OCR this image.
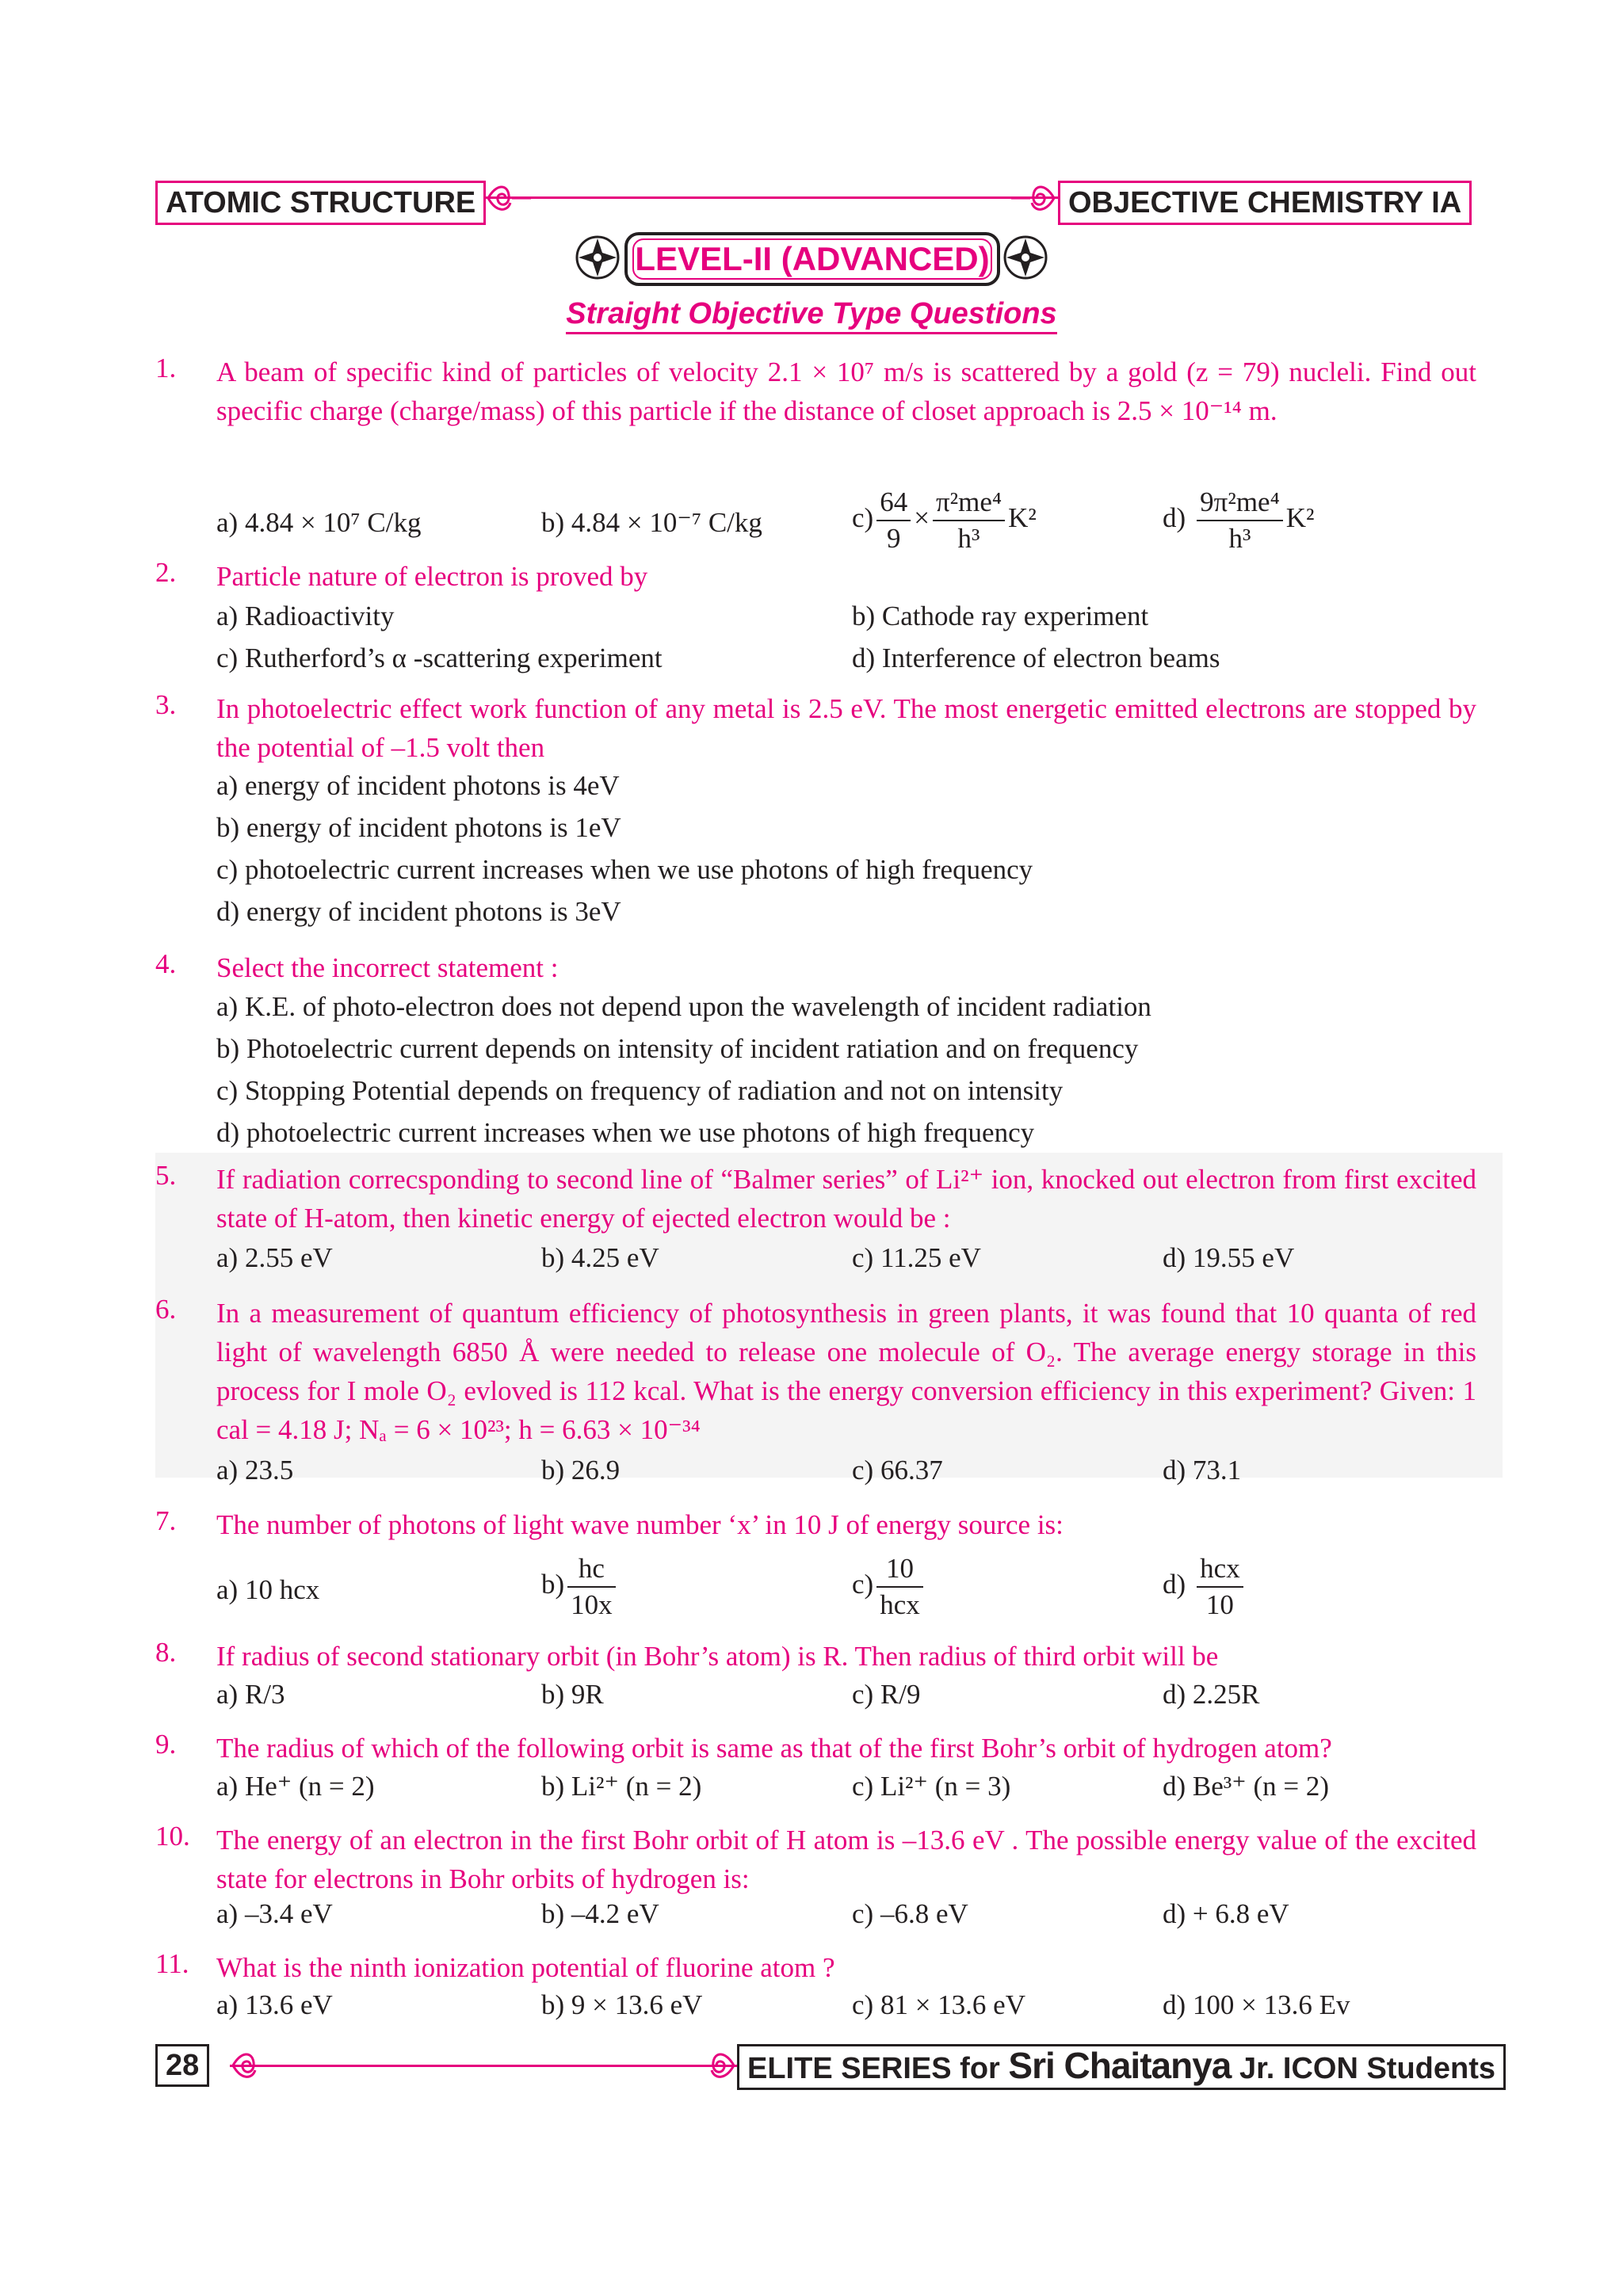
ATOMIC STRUCTURE	OBJECTIVE CHEMISTRY IA
LEVEL-II (ADVANCED)
Straight Objective Type Questions
1.	A beam of specific kind of particles of velocity 2.1 × 10⁷ m/s is scattered by a gold (z = 79) nucleli. Find out specific charge (charge/mass) of this particle if the distance of closet approach is 2.5 × 10⁻¹⁴ m.
a) 4.84 × 10⁷ C/kg	b) 4.84 × 10⁻⁷ C/kg	$c) \frac{64}{9} \times \frac{\text{π²me⁴}}{\text{h³}} K^2$	$d) \frac{\text{9π²me⁴}}{\text{h³}} K^2$
2.	Particle nature of electron is proved by
a) Radioactivity	b) Cathode ray experiment
c) Rutherford’s α -scattering experiment	d) Interference of electron beams
3.	In photoelectric effect work function of any metal is 2.5 eV. The most energetic emitted electrons are stopped by the potential of –1.5 volt then
a) energy of incident photons is 4eV
b) energy of incident photons is 1eV
c) photoelectric current increases when we use photons of high frequency
d) energy of incident photons is 3eV
4.	Select the incorrect statement :
a) K.E. of photo-electron does not depend upon the wavelength of incident radiation
b) Photoelectric current depends on intensity of incident ratiation and on frequency
c) Stopping Potential depends on frequency of radiation and not on intensity
d) photoelectric current increases when we use photons of high frequency
5.	If radiation correcsponding to second line of “Balmer series” of Li²⁺ ion, knocked out electron from first excited state of H-atom, then kinetic energy of ejected electron would be :
a) 2.55 eV	b) 4.25 eV	c) 11.25 eV	d) 19.55 eV
6.	In a measurement of quantum efficiency of photosynthesis in green plants, it was found that 10 quanta of red light of wavelength 6850 Å were needed to release one molecule of O₂. The average energy storage in this process for I mole O₂ evloved is 112 kcal. What is the energy conversion efficiency in this experiment? Given: 1 cal = 4.18 J; Nₐ = 6 × 10²³; h = 6.63 × 10⁻³⁴
a) 23.5	b) 26.9	c) 66.37	d) 73.1
7.	The number of photons of light wave number ‘x’ in 10 J of energy source is:
a) 10 hcx	$b) \frac{hc}{10x}$	$c) \frac{10}{\text{hcx}}$	$d) \frac{\text{hcx}}{10}$
8.	If radius of second stationary orbit (in Bohr’s atom) is R. Then radius of third orbit will be
a) R/3	b) 9R	c) R/9	d) 2.25R
9.	The radius of which of the following orbit is same as that of the first Bohr’s orbit of hydrogen atom?
a) He⁺ (n = 2)	b) Li²⁺ (n = 2)	c) Li²⁺ (n = 3)	d) Be³⁺ (n = 2)
10. The energy of an electron in the first Bohr orbit of H atom is –13.6 eV . The possible energy value of the excited state for electrons in Bohr orbits of hydrogen is:
a) –3.4 eV	b) –4.2 eV	c) –6.8 eV	d) + 6.8 eV
11. What is the ninth ionization potential of fluorine atom ?
a) 13.6 eV	b) 9 × 13.6 eV	c) 81 × 13.6 eV	d) 100 × 13.6 Ev
28	ELITE SERIES for Sri Chaitanya Jr. ICON Students
